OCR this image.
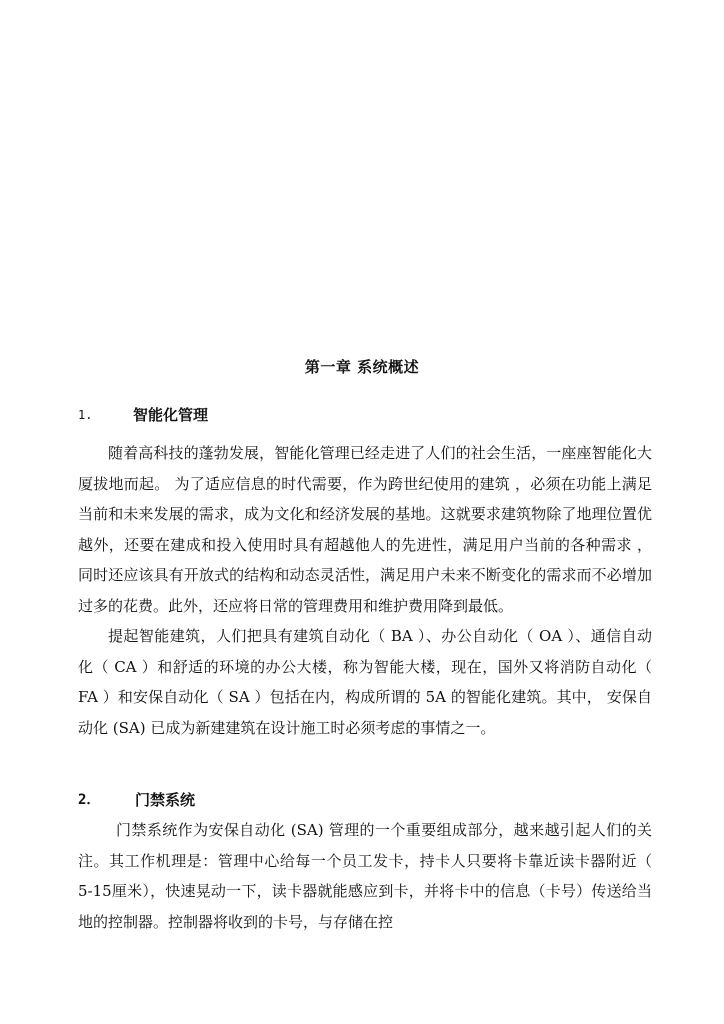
第一章 系统概述
1.	智能化管理

随着高科技的蓬勃发展，智能化管理已经走进了人们的社会生活，一座座智能化大厦拔地而起。 为了适应信息的时代需要，作为跨世纪使用的建筑 ，必须在功能上满足当前和未来发展的需求，成为文化和经济发展的基地。这就要求建筑物除了地理位置优越外，还要在建成和投入使用时具有超越他人的先进性，满足用户当前的各种需求 ， 同时还应该具有开放式的结构和动态灵活性，满足用户未来不断变化的需求而不必增加过多的花费。此外，还应将日常的管理费用和维护费用降到最低。

提起智能建筑，人们把具有建筑自动化（ BA ）、办公自动化（ OA ）、通信自动化（ CA ）和舒适的环境的办公大楼，称为智能大楼，现在，国外又将消防自动化（ FA ）和安保自动化（ SA ）包括在内，构成所谓的 5A 的智能化建筑。其中， 安保自动化 (SA) 已成为新建建筑在设计施工时必须考虑的事情之一。

2． 门禁系统

门禁系统作为安保自动化 (SA) 管理的一个重要组成部分，越来越引起人们的关注。其工作机理是：管理中心给每一个员工发卡，持卡人只要将卡靠近读卡器附近（ 5-15厘米），快速晃动一下，读卡器就能感应到卡，并将卡中的信息（卡号）传送给当地的控制器。控制器将收到的卡号，与存储在控
